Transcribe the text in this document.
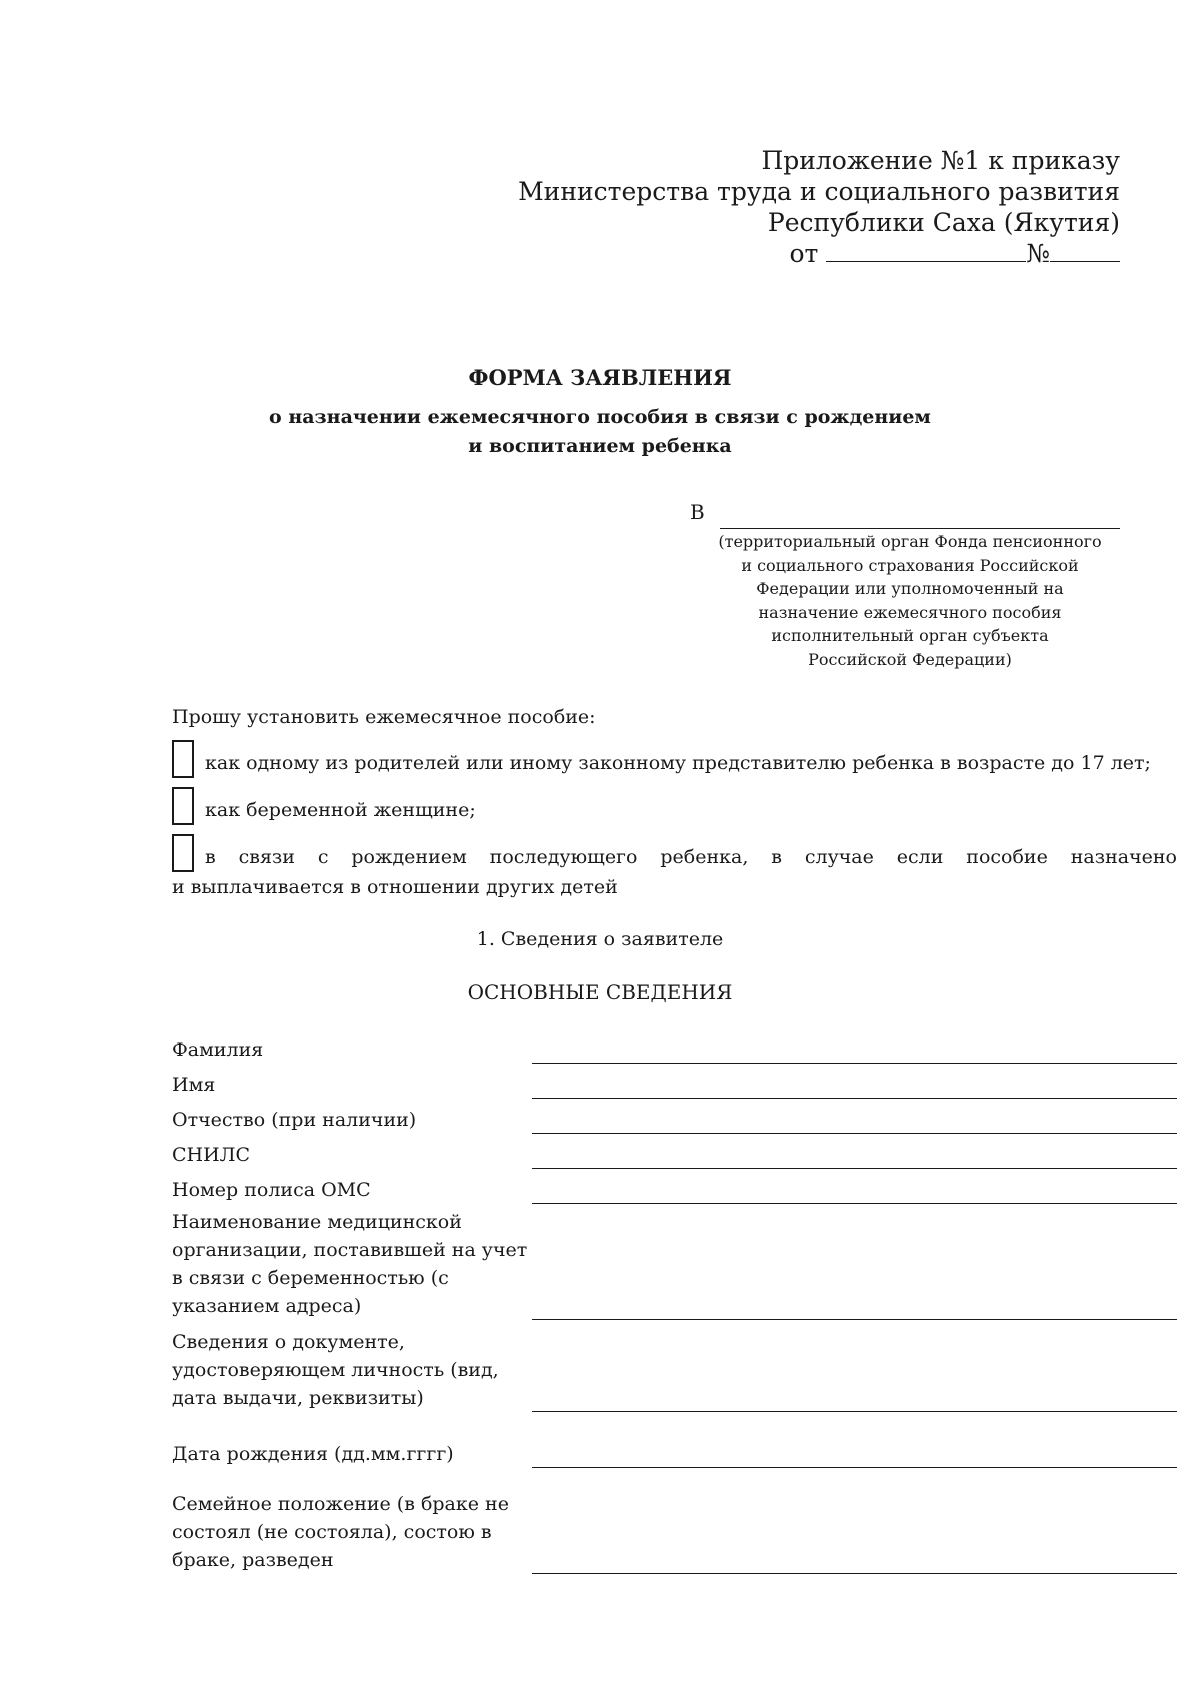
Приложение №1 к приказу
Министерства труда и социального развития
Республики Саха (Якутия)
от	№
ФОРМА ЗАЯВЛЕНИЯ
о назначении ежемесячного пособия в связи с рождением
и воспитанием ребенка
В
(территориальный орган Фонда пенсионного
и социального страхования Российской
Федерации или уполномоченный на
назначение ежемесячного пособия
исполнительный орган субъекта
Российской Федерации)
Прошу установить ежемесячное пособие:
как одному из родителей или иному законному представителю ребенка в возрасте до 17 лет;
как беременной женщине;
в связи с рождением последующего ребенка, в случае если пособие назначено
и выплачивается в отношении других детей
1. Сведения о заявителе
ОСНОВНЫЕ СВЕДЕНИЯ
Фамилия
Имя
Отчество (при наличии)
СНИЛС
Номер полиса ОМС
Наименование медицинской организации, поставившей на учет в связи с беременностью (с указанием адреса)
Сведения о документе, удостоверяющем личность (вид, дата выдачи, реквизиты)
Дата рождения (дд.мм.гггг)
Семейное положение (в браке не состоял (не состояла), состою в браке, разведен
